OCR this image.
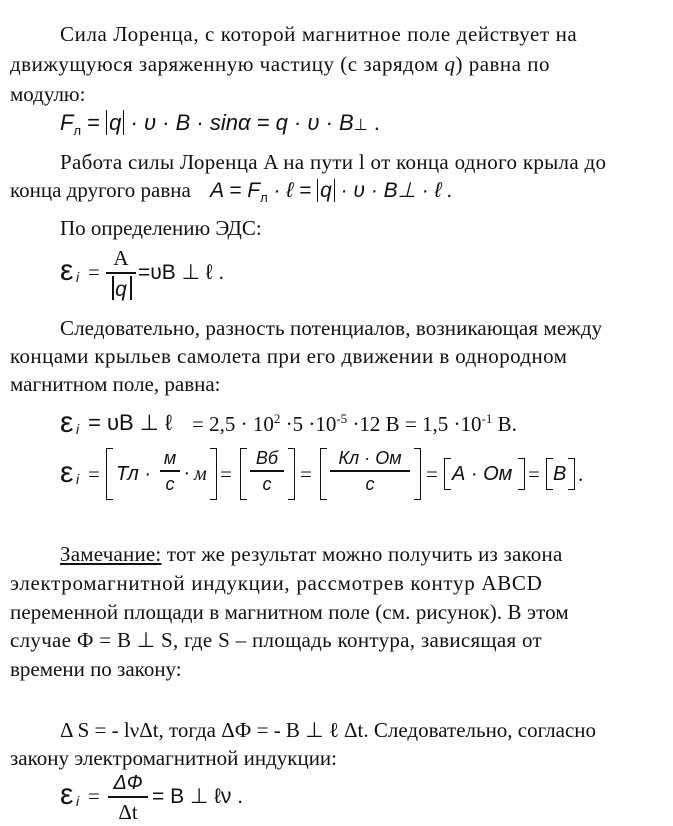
Сила Лоренца, с которой магнитное поле действует на
движущуюся заряженную частицу (с зарядом q) равна по
модулю:
$F_л = q \cdot \upsilon \cdot B \cdot \sin\alpha = q \cdot \upsilon$ · B⊥ .
Работа силы Лоренца A на пути l от конца одного крыла до
конца другого равна $A = F_л$ · ℓ = q · υ · B⊥ · ℓ .
По определению ЭДС:
ε i =
A
q
=υB ⊥ ℓ .
Следовательно, разность потенциалов, возникающая между
концами крыльев самолета при его движении в однородном
магнитном поле, равна:
ε i = υB ⊥ ℓ = $2,5 \cdot 10^2 \cdot 5 \cdot 10^{-5} \cdot 12$ $В = 1,5 \cdot 10^{-1}$ В.
ε i = Тл ·
м
с · м =
Вб
с	=
Кл · Ом
с	= А · Ом = В .
Замечание: тот же результат можно получить из закона
электромагнитной индукции, рассмотрев контур ABCD
переменной площади в магнитном поле (см. рисунок). В этом
случае Ф = B ⊥ S, где S – площадь контура, зависящая от
времени по закону:
Δ S = - lνΔt, тогда ΔФ = - B ⊥ ℓ Δt. Следовательно, согласно
закону электромагнитной индукции:
ε i =
ΔФ
Δt
= B ⊥ ℓν .
